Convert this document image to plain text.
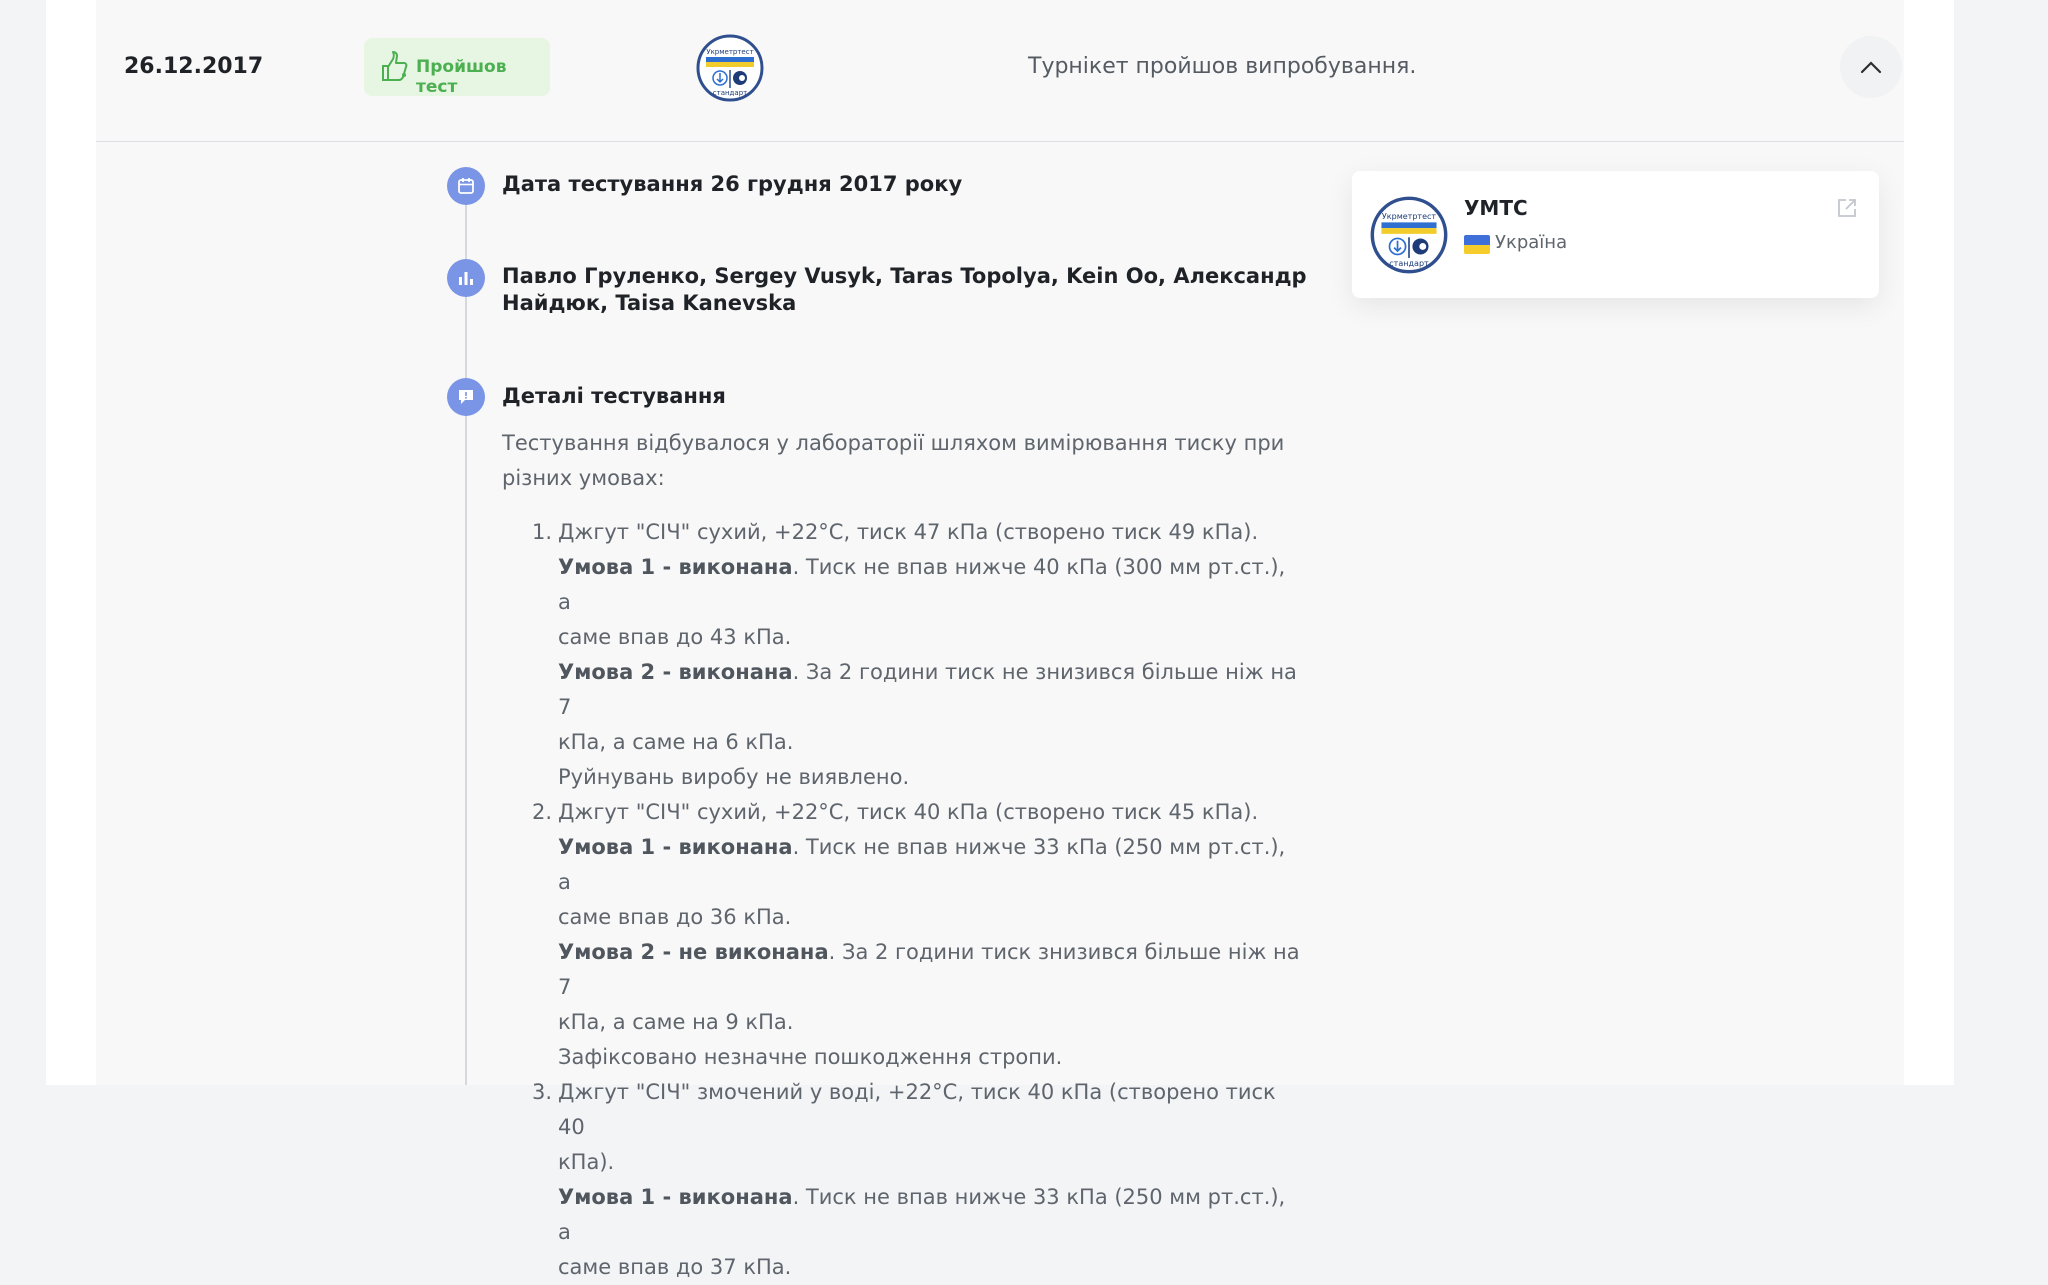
26.12.2017	Пройшов тест
Укрметртест
стандарт
Турнікет пройшов випробування.
Дата тестування 26 грудня 2017 року
Павло Груленко, Sergey Vusyk, Taras Topolya, Kein Oo, Александр
Найдюк, Taisa Kanevska
Деталі тестування
Тестування відбувалося у лабораторії шляхом вимірювання тиску при
різних умовах:
1. Джгут "СІЧ" сухий, +22°С, тиск 47 кПа (створено тиск 49 кПа).

Умова 1 - виконана. Тиск не впав нижче 40 кПа (300 мм рт.ст.), а

саме впав до 43 кПа.

Умова 2 - виконана. За 2 години тиск не знизився більше ніж на 7

кПа, а саме на 6 кПа.

Руйнувань виробу не виявлено.

2. Джгут "СІЧ" сухий, +22°С, тиск 40 кПа (створено тиск 45 кПа).

Умова 1 - виконана. Тиск не впав нижче 33 кПа (250 мм рт.ст.), а

саме впав до 36 кПа.

Умова 2 - не виконана. За 2 години тиск знизився більше ніж на 7

кПа, а саме на 9 кПа.

Зафіксовано незначне пошкодження стропи.

3. Джгут "СІЧ" змочений у воді, +22°С, тиск 40 кПа (створено тиск 40

кПа).

Умова 1 - виконана. Тиск не впав нижче 33 кПа (250 мм рт.ст.), а

саме впав до 37 кПа.

Укрметртест
стандарт
УМТС
Україна
